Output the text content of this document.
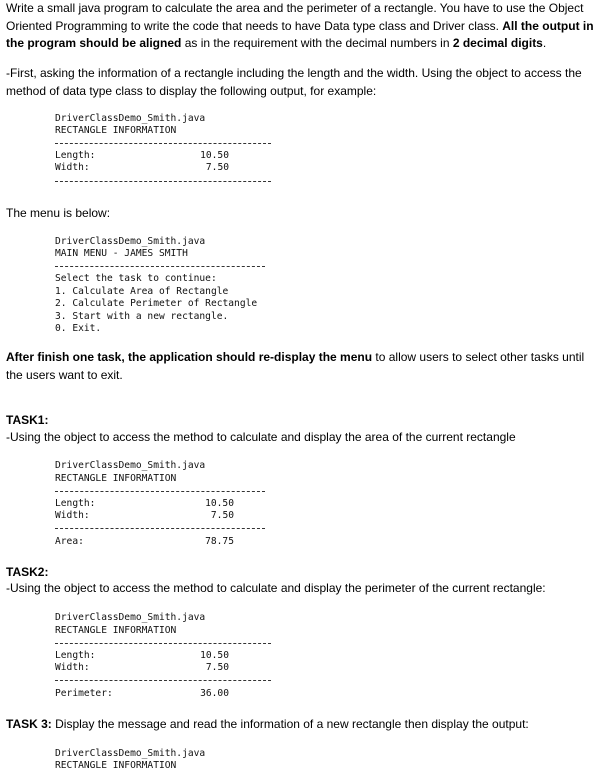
Write a small java program to calculate the area and the perimeter of a rectangle. You have to use the Object Oriented Programming to write the code that needs to have Data type class and Driver class. All the output in the program should be aligned as in the requirement with the decimal numbers in 2 decimal digits.
-First, asking the information of a rectangle including the length and the width. Using the object to access the method of data type class to display the following output, for example:
DriverClassDemo_Smith.java
RECTANGLE INFORMATION
Length:	10.50
Width:	7.50
The menu is below:
DriverClassDemo_Smith.java
MAIN MENU - JAMES SMITH
Select the task to continue:
1. Calculate Area of Rectangle
2. Calculate Perimeter of Rectangle
3. Start with a new rectangle.
0. Exit.
After finish one task, the application should re-display the menu to allow users to select other tasks until the users want to exit.
TASK1:
-Using the object to access the method to calculate and display the area of the current rectangle
DriverClassDemo_Smith.java
RECTANGLE INFORMATION
Length:	10.50
Width:	7.50
Area:	78.75
TASK2:
-Using the object to access the method to calculate and display the perimeter of the current rectangle:
DriverClassDemo_Smith.java
RECTANGLE INFORMATION
Length:	10.50
Width:	7.50
Perimeter:	36.00
TASK 3: Display the message and read the information of a new rectangle then display the output:
DriverClassDemo_Smith.java
RECTANGLE INFORMATION
